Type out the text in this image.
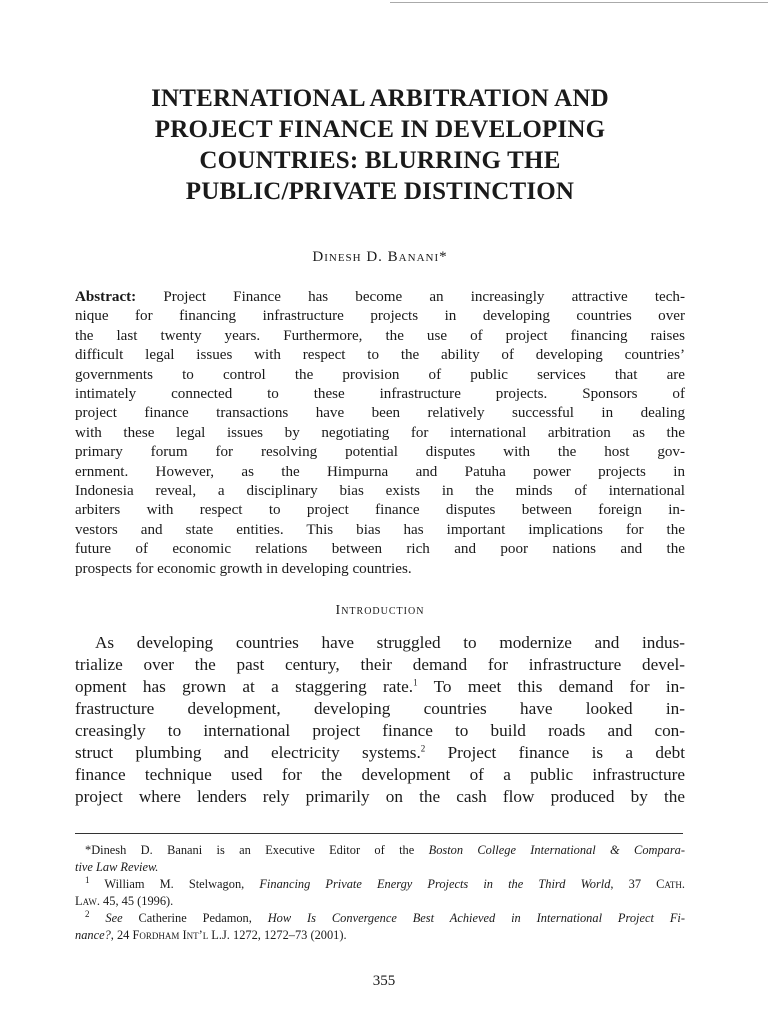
INTERNATIONAL ARBITRATION AND
PROJECT FINANCE IN DEVELOPING
COUNTRIES: BLURRING THE
PUBLIC/PRIVATE DISTINCTION
Dinesh D. Banani*
Abstract: Project Finance has become an increasingly attractive tech-
nique for financing infrastructure projects in developing countries over
the last twenty years. Furthermore, the use of project financing raises
difficult legal issues with respect to the ability of developing countries’
governments to control the provision of public services that are
intimately connected to these infrastructure projects. Sponsors of
project finance transactions have been relatively successful in dealing
with these legal issues by negotiating for international arbitration as the
primary forum for resolving potential disputes with the host gov-
ernment. However, as the Himpurna and Patuha power projects in
Indonesia reveal, a disciplinary bias exists in the minds of international
arbiters with respect to project finance disputes between foreign in-
vestors and state entities. This bias has important implications for the
future of economic relations between rich and poor nations and the
prospects for economic growth in developing countries.
Introduction
As developing countries have struggled to modernize and indus-
trialize over the past century, their demand for infrastructure devel-
opment has grown at a staggering rate.$^1$ To meet this demand for in-
frastructure development, developing countries have looked in-
creasingly to international project finance to build roads and con-
struct plumbing and electricity systems.$^2$ Project finance is a debt
finance technique used for the development of a public infrastructure
project where lenders rely primarily on the cash flow produced by the
*Dinesh D. Banani is an Executive Editor of the Boston College International & Compara-
tive Law Review.
$^1$ William M. Stelwagon, Financing Private Energy Projects in the Third World, 37 Cath.
Law. 45, 45 (1996).
$^2$ See Catherine Pedamon, How Is Convergence Best Achieved in International Project Fi-
nance?, 24 Fordham Int’l L.J. 1272, 1272–73 (2001).
355
